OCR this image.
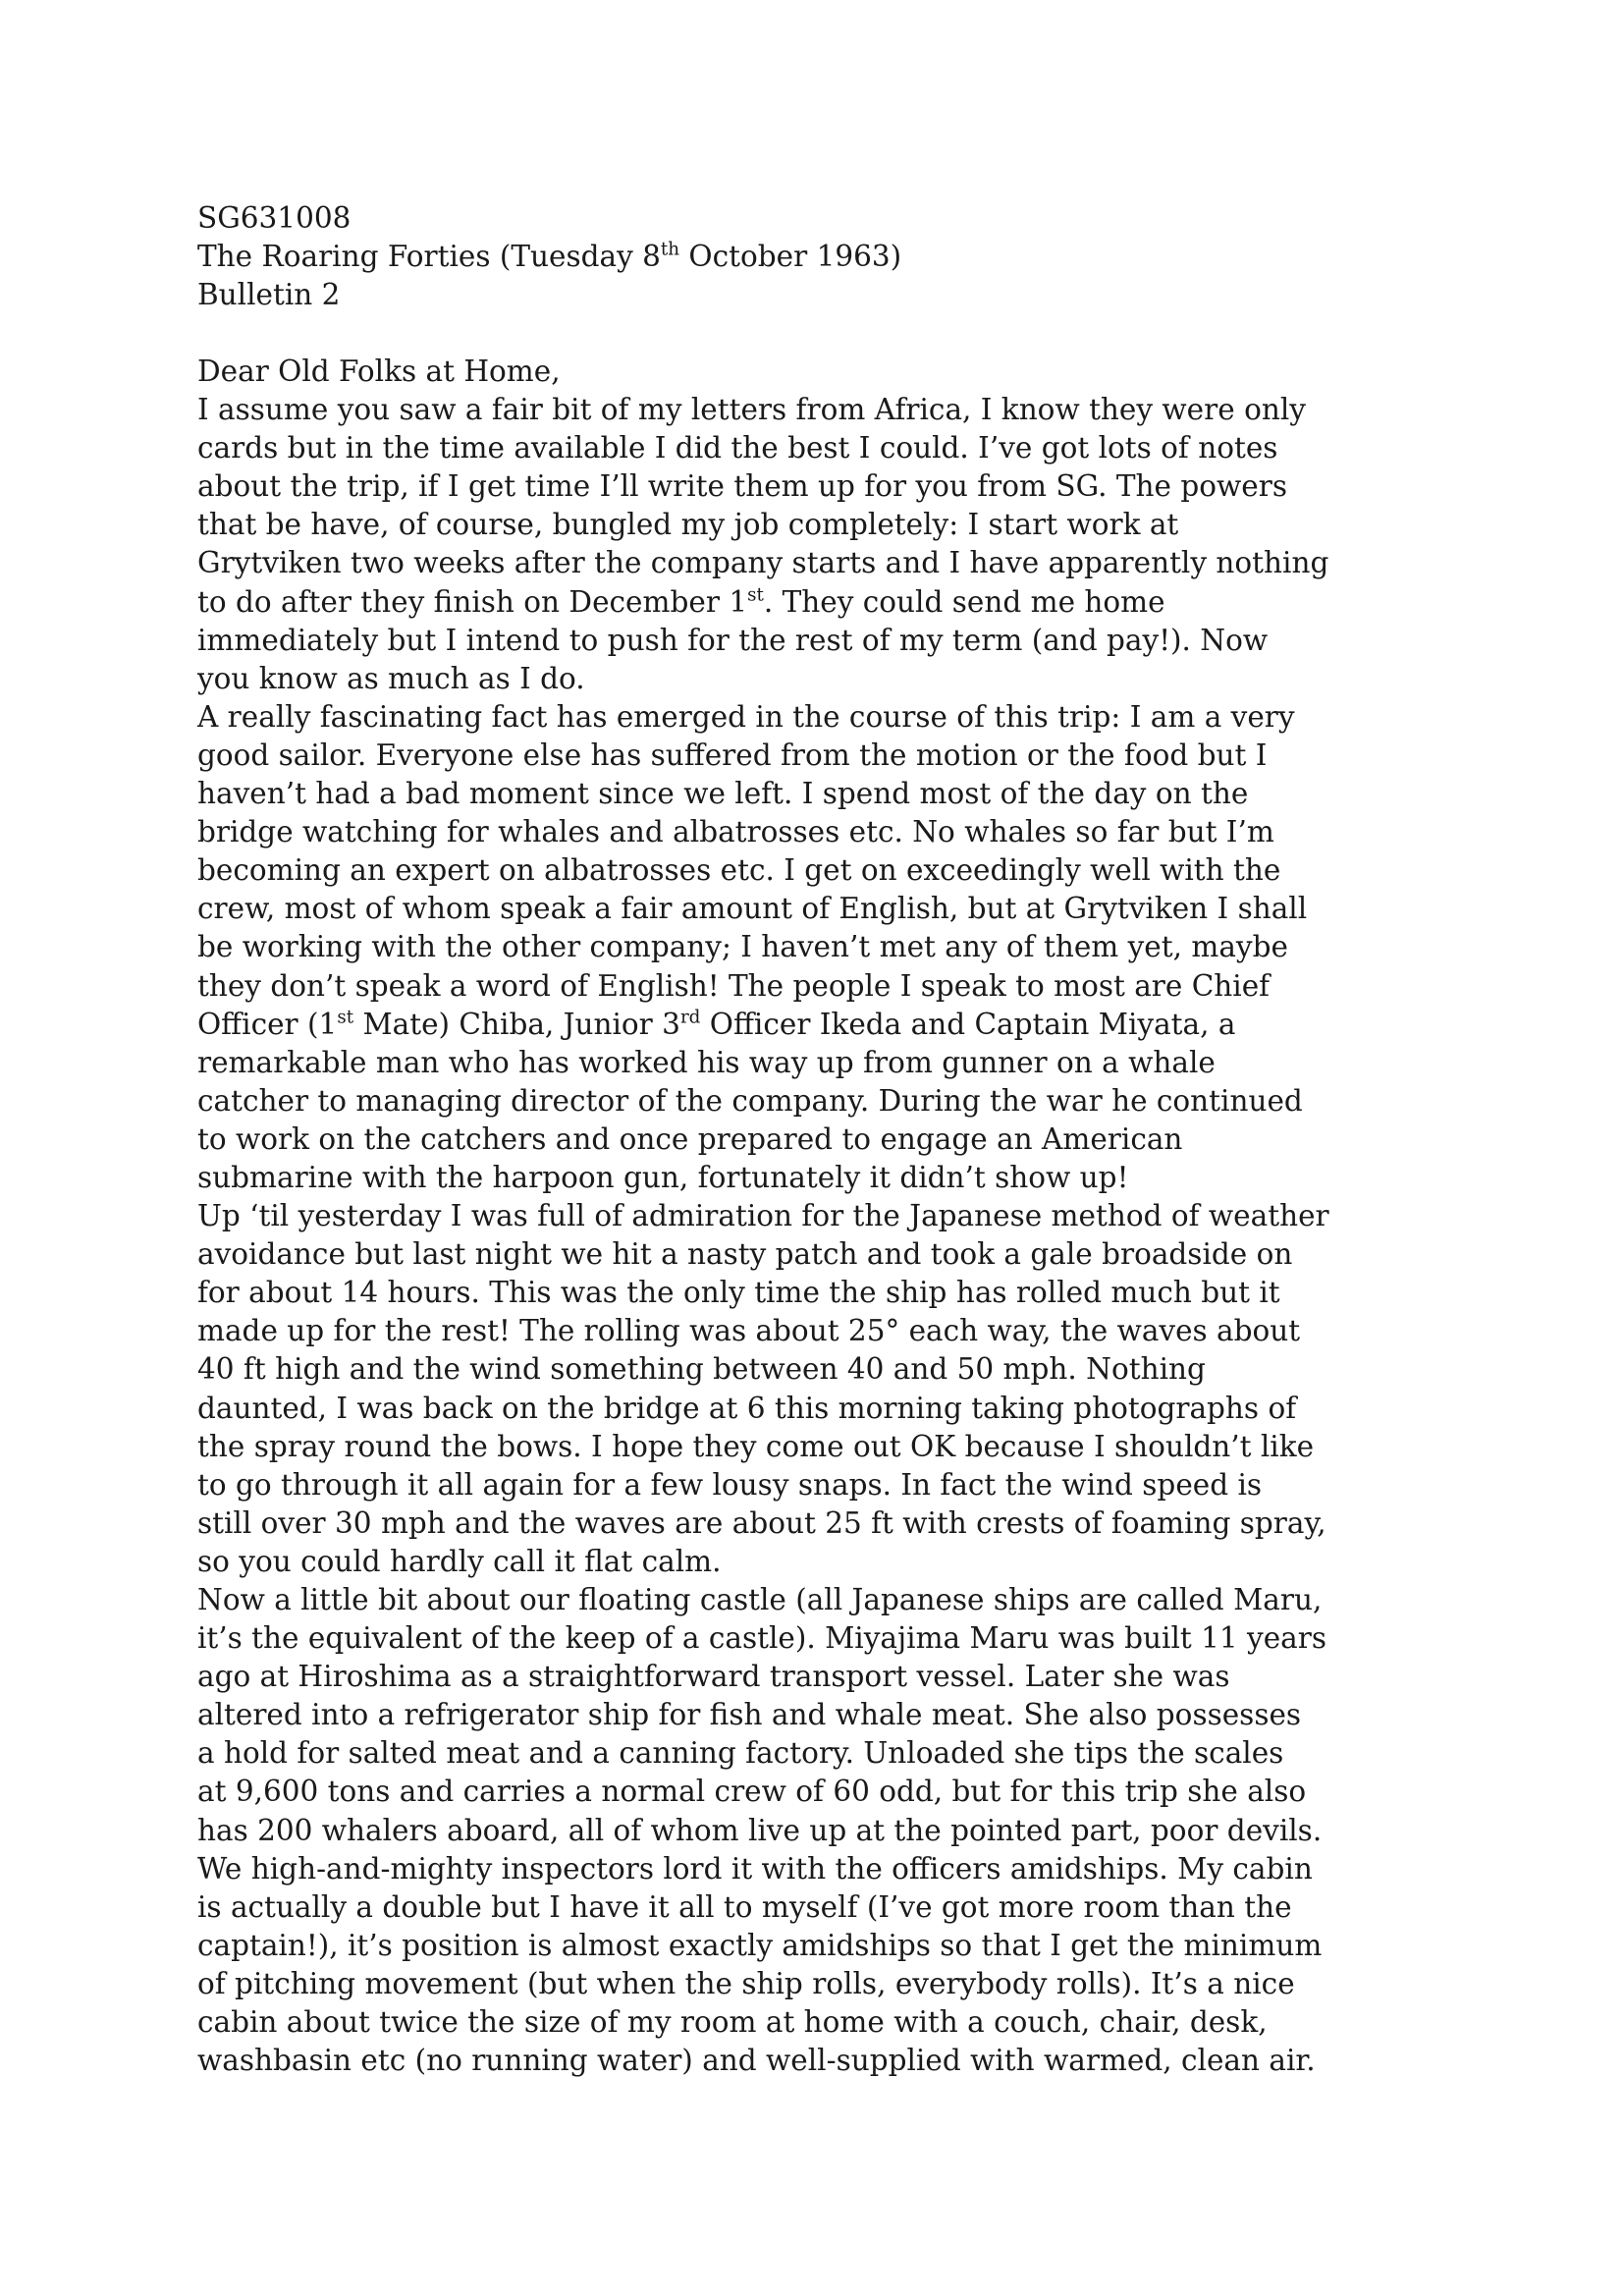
SG631008
The Roaring Forties (Tuesday 8th October 1963)
Bulletin 2
Dear Old Folks at Home,
I assume you saw a fair bit of my letters from Africa, I know they were only
cards but in the time available I did the best I could. I’ve got lots of notes
about the trip, if I get time I’ll write them up for you from SG. The powers
that be have, of course, bungled my job completely: I start work at
Grytviken two weeks after the company starts and I have apparently nothing
to do after they finish on December 1st. They could send me home
immediately but I intend to push for the rest of my term (and pay!). Now
you know as much as I do.
A really fascinating fact has emerged in the course of this trip: I am a very
good sailor. Everyone else has suffered from the motion or the food but I
haven’t had a bad moment since we left. I spend most of the day on the
bridge watching for whales and albatrosses etc. No whales so far but I’m
becoming an expert on albatrosses etc. I get on exceedingly well with the
crew, most of whom speak a fair amount of English, but at Grytviken I shall
be working with the other company; I haven’t met any of them yet, maybe
they don’t speak a word of English! The people I speak to most are Chief
Officer (1st Mate) Chiba, Junior 3rd Officer Ikeda and Captain Miyata, a
remarkable man who has worked his way up from gunner on a whale
catcher to managing director of the company. During the war he continued
to work on the catchers and once prepared to engage an American
submarine with the harpoon gun, fortunately it didn’t show up!
Up ‘til yesterday I was full of admiration for the Japanese method of weather
avoidance but last night we hit a nasty patch and took a gale broadside on
for about 14 hours. This was the only time the ship has rolled much but it
made up for the rest! The rolling was about 25° each way, the waves about
40 ft high and the wind something between 40 and 50 mph. Nothing
daunted, I was back on the bridge at 6 this morning taking photographs of
the spray round the bows. I hope they come out OK because I shouldn’t like
to go through it all again for a few lousy snaps. In fact the wind speed is
still over 30 mph and the waves are about 25 ft with crests of foaming spray,
so you could hardly call it flat calm.
Now a little bit about our floating castle (all Japanese ships are called Maru,
it’s the equivalent of the keep of a castle). Miyajima Maru was built 11 years
ago at Hiroshima as a straightforward transport vessel. Later she was
altered into a refrigerator ship for fish and whale meat. She also possesses
a hold for salted meat and a canning factory. Unloaded she tips the scales
at 9,600 tons and carries a normal crew of 60 odd, but for this trip she also
has 200 whalers aboard, all of whom live up at the pointed part, poor devils.
We high-and-mighty inspectors lord it with the officers amidships. My cabin
is actually a double but I have it all to myself (I’ve got more room than the
captain!), it’s position is almost exactly amidships so that I get the minimum
of pitching movement (but when the ship rolls, everybody rolls). It’s a nice
cabin about twice the size of my room at home with a couch, chair, desk,
washbasin etc (no running water) and well-supplied with warmed, clean air.
